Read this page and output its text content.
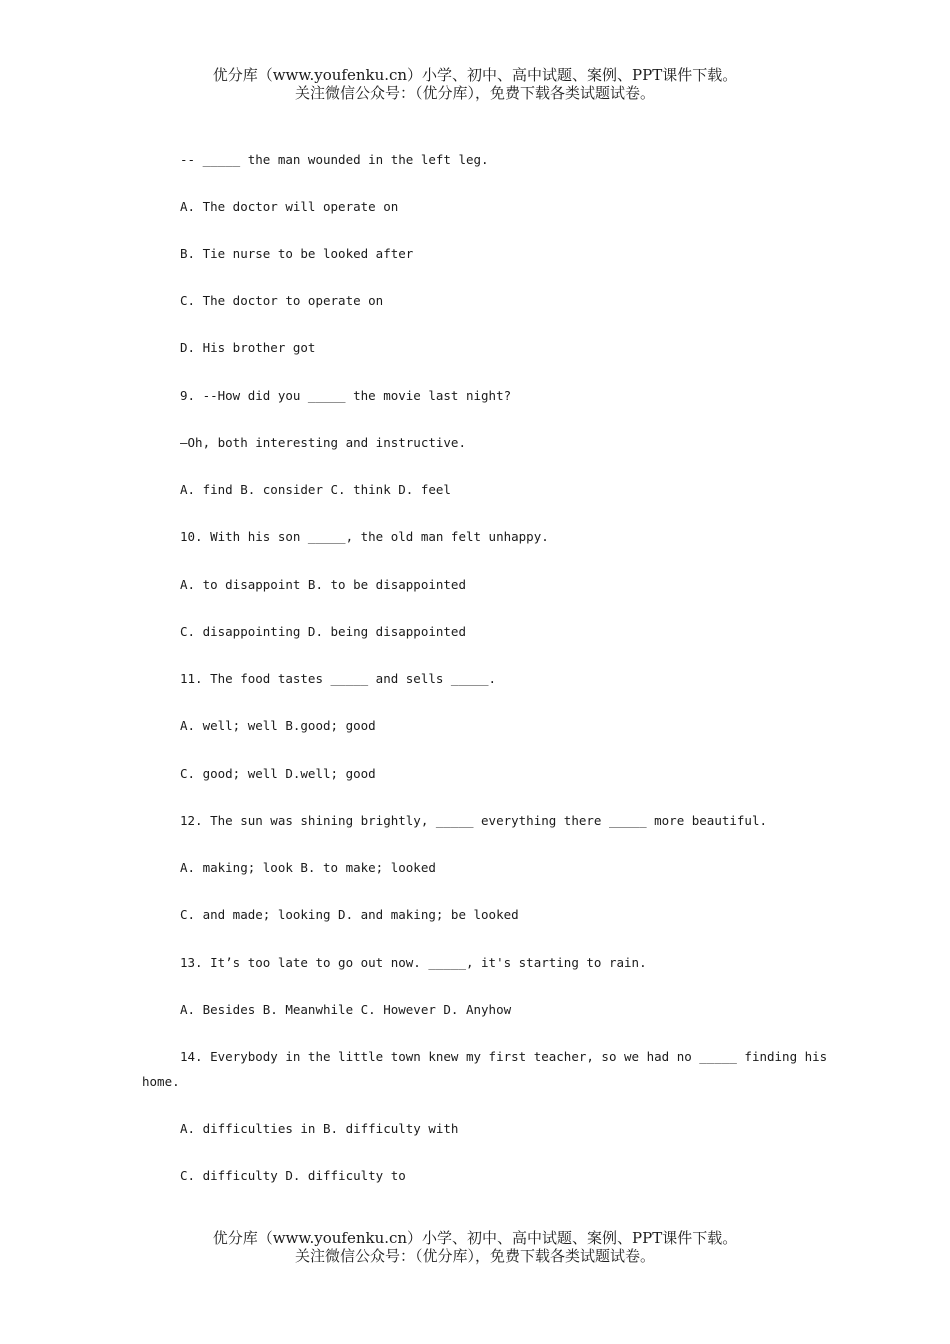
优分库（www.youfenku.cn）小学、初中、高中试题、案例、PPT课件下载。
关注微信公众号：（优分库），免费下载各类试题试卷。
-- _____ the man wounded in the left leg.
A. The doctor will operate on
B. Tie nurse to be looked after
C. The doctor to operate on
D. His brother got
9. --How did you _____ the movie last night?
—Oh, both interesting and instructive.
A. find B. consider C. think D. feel
10. With his son _____, the old man felt unhappy.
A. to disappoint B. to be disappointed
C. disappointing D. being disappointed
11. The food tastes _____ and sells _____.
A. well; well B.good; good
C. good; well D.well; good
12. The sun was shining brightly, _____ everything there _____ more beautiful.
A. making; look B. to make; looked
C. and made; looking D. and making; be looked
13. It’s too late to go out now. _____, it's starting to rain.
A. Besides B. Meanwhile C. However D. Anyhow
14. Everybody in the little town knew my first teacher, so we had no _____ finding his
home.
A. difficulties in B. difficulty with
C. difficulty D. difficulty to
优分库（www.youfenku.cn）小学、初中、高中试题、案例、PPT课件下载。
关注微信公众号：（优分库），免费下载各类试题试卷。
